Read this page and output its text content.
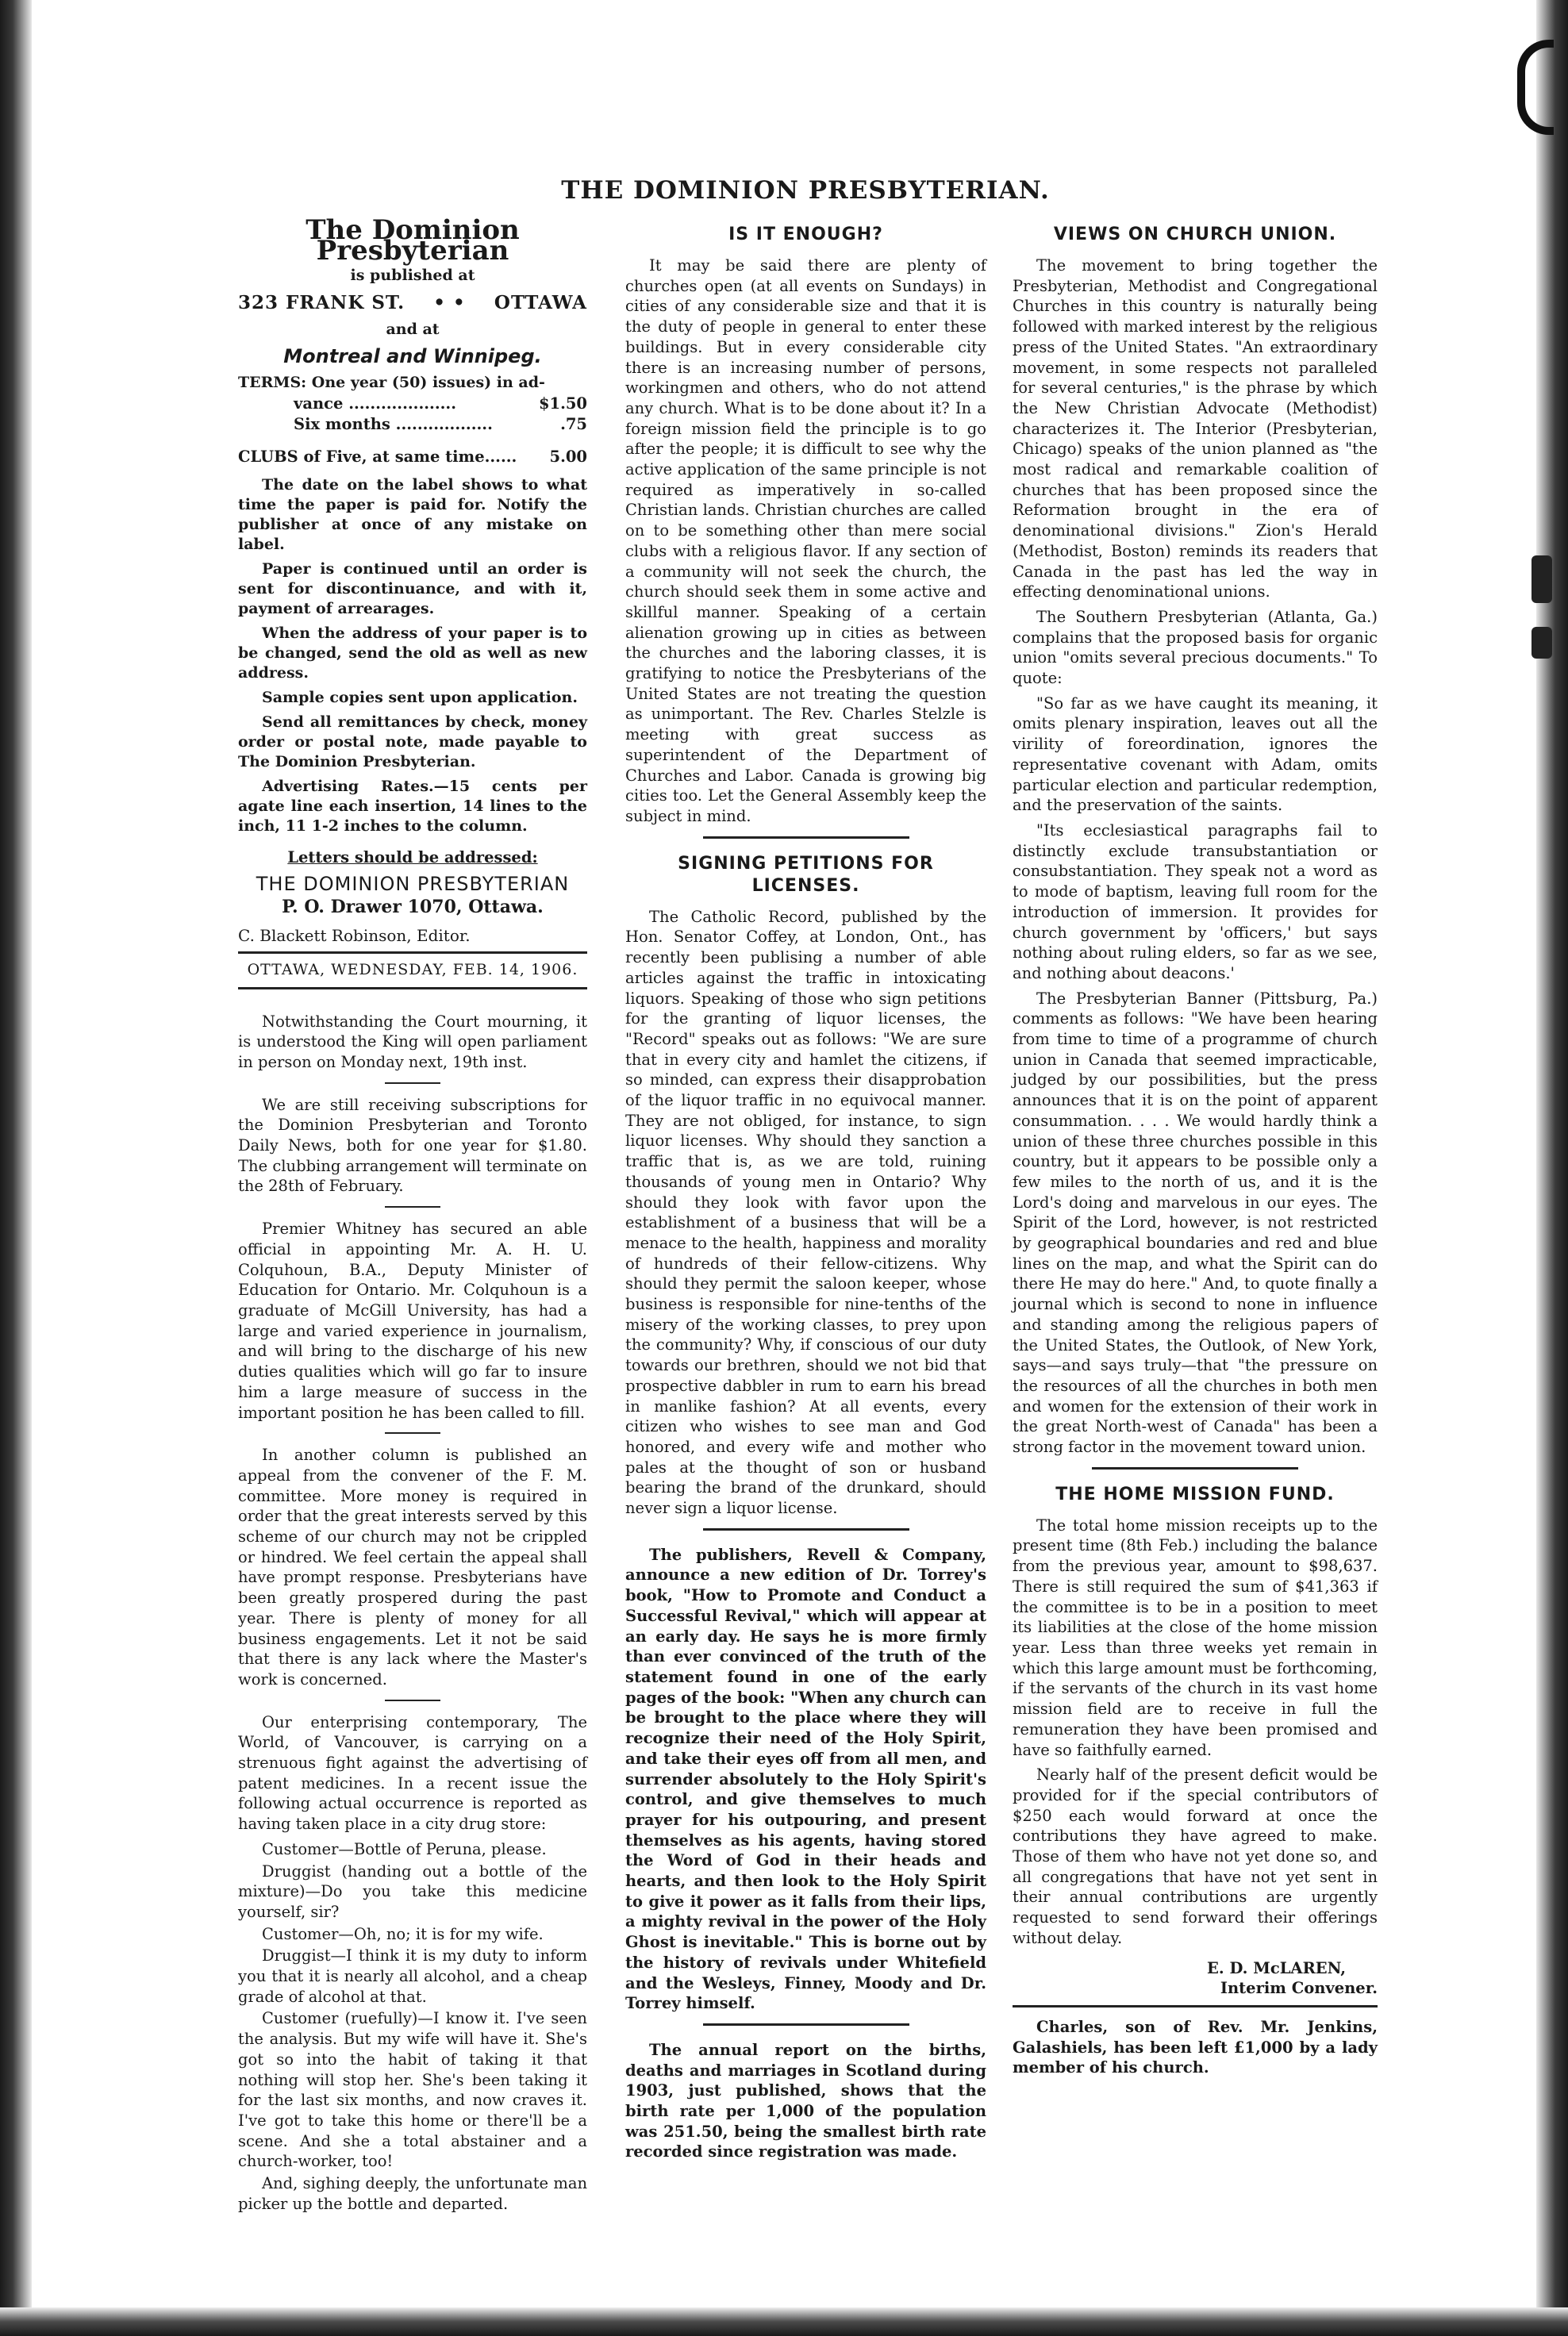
THE DOMINION PRESBYTERIAN.
The Dominion Presbyterian
is published at
323 FRANK ST. • • OTTAWA
and at
Montreal and Winnipeg.
TERMS: One year (50) issues) in ad-
vance ....................	$1.50
Six months ..................	.75
CLUBS of Five, at same time...... 5.00

The date on the label shows to what time the paper is paid for. Notify the publisher at once of any mistake on label.

Paper is continued until an order is sent for discontinuance, and with it, payment of arrearages.

When the address of your paper is to be changed, send the old as well as new address.

Sample copies sent upon application.

Send all remittances by check, money order or postal note, made payable to The Dominion Presbyterian.

Advertising Rates.—15 cents per agate line each insertion, 14 lines to the inch, 11 1-2 inches to the column.

Letters should be addressed:
THE DOMINION PRESBYTERIAN
P. O. Drawer 1070, Ottawa.
C. Blackett Robinson, Editor.
OTTAWA, WEDNESDAY, FEB. 14, 1906.

Notwithstanding the Court mourning, it is understood the King will open parliament in person on Monday next, 19th inst.

We are still receiving subscriptions for the Dominion Presbyterian and Toronto Daily News, both for one year for $1.80. The clubbing arrangement will terminate on the 28th of February.

Premier Whitney has secured an able official in appointing Mr. A. H. U. Colquhoun, B.A., Deputy Minister of Education for Ontario. Mr. Colquhoun is a graduate of McGill University, has had a large and varied experience in journalism, and will bring to the discharge of his new duties qualities which will go far to insure him a large measure of success in the important position he has been called to fill.

In another column is published an appeal from the convener of the F. M. committee. More money is required in order that the great interests served by this scheme of our church may not be crippled or hindred. We feel certain the appeal shall have prompt response. Presbyterians have been greatly prospered during the past year. There is plenty of money for all business engagements. Let it not be said that there is any lack where the Master's work is concerned.

Our enterprising contemporary, The World, of Vancouver, is carrying on a strenuous fight against the advertising of patent medicines. In a recent issue the following actual occurrence is reported as having taken place in a city drug store:

Customer—Bottle of Peruna, please.

Druggist (handing out a bottle of the mixture)—Do you take this medicine yourself, sir?

Customer—Oh, no; it is for my wife.

Druggist—I think it is my duty to inform you that it is nearly all alcohol, and a cheap grade of alcohol at that.

Customer (ruefully)—I know it. I've seen the analysis. But my wife will have it. She's got so into the habit of taking it that nothing will stop her. She's been taking it for the last six months, and now craves it. I've got to take this home or there'll be a scene. And she a total abstainer and a church-worker, too!

And, sighing deeply, the unfortunate man picker up the bottle and departed.

IS IT ENOUGH?

It may be said there are plenty of churches open (at all events on Sundays) in cities of any considerable size and that it is the duty of people in general to enter these buildings. But in every considerable city there is an increasing number of persons, workingmen and others, who do not attend any church. What is to be done about it? In a foreign mission field the principle is to go after the people; it is difficult to see why the active application of the same principle is not required as imperatively in so-called Christian lands. Christian churches are called on to be something other than mere social clubs with a religious flavor. If any section of a community will not seek the church, the church should seek them in some active and skillful manner. Speaking of a certain alienation growing up in cities as between the churches and the laboring classes, it is gratifying to notice the Presbyterians of the United States are not treating the question as unimportant. The Rev. Charles Stelzle is meeting with great success as superintendent of the Department of Churches and Labor. Canada is growing big cities too. Let the General Assembly keep the subject in mind.

SIGNING PETITIONS FOR LICENSES.

The Catholic Record, published by the Hon. Senator Coffey, at London, Ont., has recently been publising a number of able articles against the traffic in intoxicating liquors. Speaking of those who sign petitions for the granting of liquor licenses, the "Record" speaks out as follows: "We are sure that in every city and hamlet the citizens, if so minded, can express their disapprobation of the liquor traffic in no equivocal manner. They are not obliged, for instance, to sign liquor licenses. Why should they sanction a traffic that is, as we are told, ruining thousands of young men in Ontario? Why should they look with favor upon the establishment of a business that will be a menace to the health, happiness and morality of hundreds of their fellow-citizens. Why should they permit the saloon keeper, whose business is responsible for nine-tenths of the misery of the working classes, to prey upon the community? Why, if conscious of our duty towards our brethren, should we not bid that prospective dabbler in rum to earn his bread in manlike fashion? At all events, every citizen who wishes to see man and God honored, and every wife and mother who pales at the thought of son or husband bearing the brand of the drunkard, should never sign a liquor license.

The publishers, Revell & Company, announce a new edition of Dr. Torrey's book, "How to Promote and Conduct a Successful Revival," which will appear at an early day. He says he is more firmly than ever convinced of the truth of the statement found in one of the early pages of the book: "When any church can be brought to the place where they will recognize their need of the Holy Spirit, and take their eyes off from all men, and surrender absolutely to the Holy Spirit's control, and give themselves to much prayer for his outpouring, and present themselves as his agents, having stored the Word of God in their heads and hearts, and then look to the Holy Spirit to give it power as it falls from their lips, a mighty revival in the power of the Holy Ghost is inevitable." This is borne out by the history of revivals under Whitefield and the Wesleys, Finney, Moody and Dr. Torrey himself.

The annual report on the births, deaths and marriages in Scotland during 1903, just published, shows that the birth rate per 1,000 of the population was 251.50, being the smallest birth rate recorded since registration was made.

VIEWS ON CHURCH UNION.

The movement to bring together the Presbyterian, Methodist and Congregational Churches in this country is naturally being followed with marked interest by the religious press of the United States. "An extraordinary movement, in some respects not paralleled for several centuries," is the phrase by which the New Christian Advocate (Methodist) characterizes it. The Interior (Presbyterian, Chicago) speaks of the union planned as "the most radical and remarkable coalition of churches that has been proposed since the Reformation brought in the era of denominational divisions." Zion's Herald (Methodist, Boston) reminds its readers that Canada in the past has led the way in effecting denominational unions.

The Southern Presbyterian (Atlanta, Ga.) complains that the proposed basis for organic union "omits several precious documents." To quote:

"So far as we have caught its meaning, it omits plenary inspiration, leaves out all the virility of foreordination, ignores the representative covenant with Adam, omits particular election and particular redemption, and the preservation of the saints.

"Its ecclesiastical paragraphs fail to distinctly exclude transubstantiation or consubstantiation. They speak not a word as to mode of baptism, leaving full room for the introduction of immersion. It provides for church government by 'officers,' but says nothing about ruling elders, so far as we see, and nothing about deacons.'

The Presbyterian Banner (Pittsburg, Pa.) comments as follows: "We have been hearing from time to time of a programme of church union in Canada that seemed impracticable, judged by our possibilities, but the press announces that it is on the point of apparent consummation. . . . We would hardly think a union of these three churches possible in this country, but it appears to be possible only a few miles to the north of us, and it is the Lord's doing and marvelous in our eyes. The Spirit of the Lord, however, is not restricted by geographical boundaries and red and blue lines on the map, and what the Spirit can do there He may do here." And, to quote finally a journal which is second to none in influence and standing among the religious papers of the United States, the Outlook, of New York, says—and says truly—that "the pressure on the resources of all the churches in both men and women for the extension of their work in the great North-west of Canada" has been a strong factor in the movement toward union.

THE HOME MISSION FUND.

The total home mission receipts up to the present time (8th Feb.) including the balance from the previous year, amount to $98,637. There is still required the sum of $41,363 if the committee is to be in a position to meet its liabilities at the close of the home mission year. Less than three weeks yet remain in which this large amount must be forthcoming, if the servants of the church in its vast home mission field are to receive in full the remuneration they have been promised and have so faithfully earned.

Nearly half of the present deficit would be provided for if the special contributors of $250 each would forward at once the contributions they have agreed to make. Those of them who have not yet done so, and all congregations that have not yet sent in their annual contributions are urgently requested to send forward their offerings without delay.

E. D. McLAREN,
Interim Convener.

Charles, son of Rev. Mr. Jenkins, Galashiels, has been left £1,000 by a lady member of his church.
